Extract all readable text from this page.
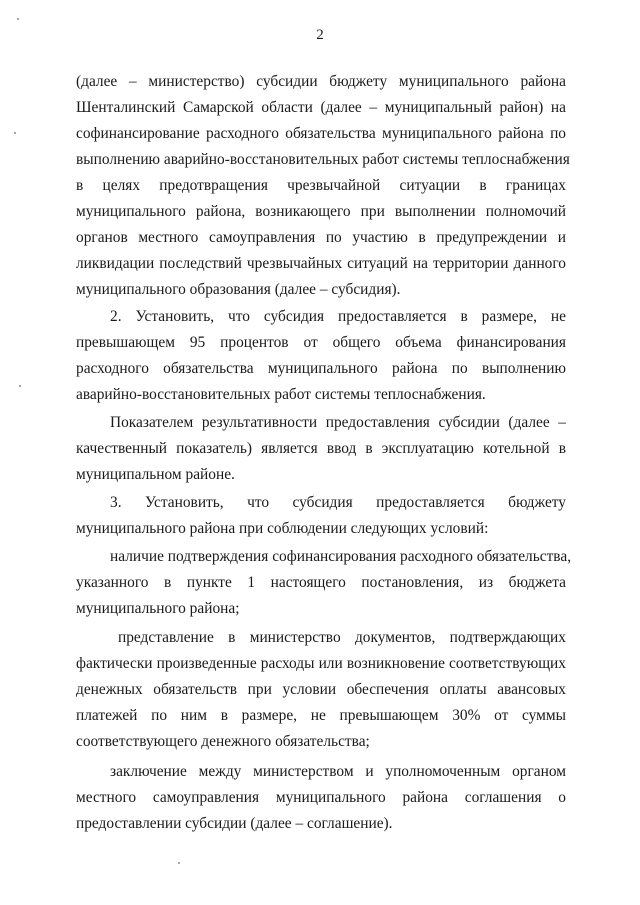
2
(далее – министерство) субсидии бюджету муниципального района
Шенталинский Самарской области (далее – муниципальный район) на
софинансирование расходного обязательства муниципального района по
выполнению аварийно-восстановительных работ системы теплоснабжения
в целях предотвращения чрезвычайной ситуации в границах
муниципального района, возникающего при выполнении полномочий
органов местного самоуправления по участию в предупреждении и
ликвидации последствий чрезвычайных ситуаций на территории данного
муниципального образования (далее – субсидия).
2. Установить, что субсидия предоставляется в размере, не
превышающем 95 процентов от общего объема финансирования
расходного обязательства муниципального района по выполнению
аварийно-восстановительных работ системы теплоснабжения.
Показателем результативности предоставления субсидии (далее –
качественный показатель) является ввод в эксплуатацию котельной в
муниципальном районе.
3. Установить, что субсидия предоставляется бюджету
муниципального района при соблюдении следующих условий:
наличие подтверждения софинансирования расходного обязательства,
указанного в пункте 1 настоящего постановления, из бюджета
муниципального района;
представление в министерство документов, подтверждающих
фактически произведенные расходы или возникновение соответствующих
денежных обязательств при условии обеспечения оплаты авансовых
платежей по ним в размере, не превышающем 30% от суммы
соответствующего денежного обязательства;
заключение между министерством и уполномоченным органом
местного самоуправления муниципального района соглашения о
предоставлении субсидии (далее – соглашение).
